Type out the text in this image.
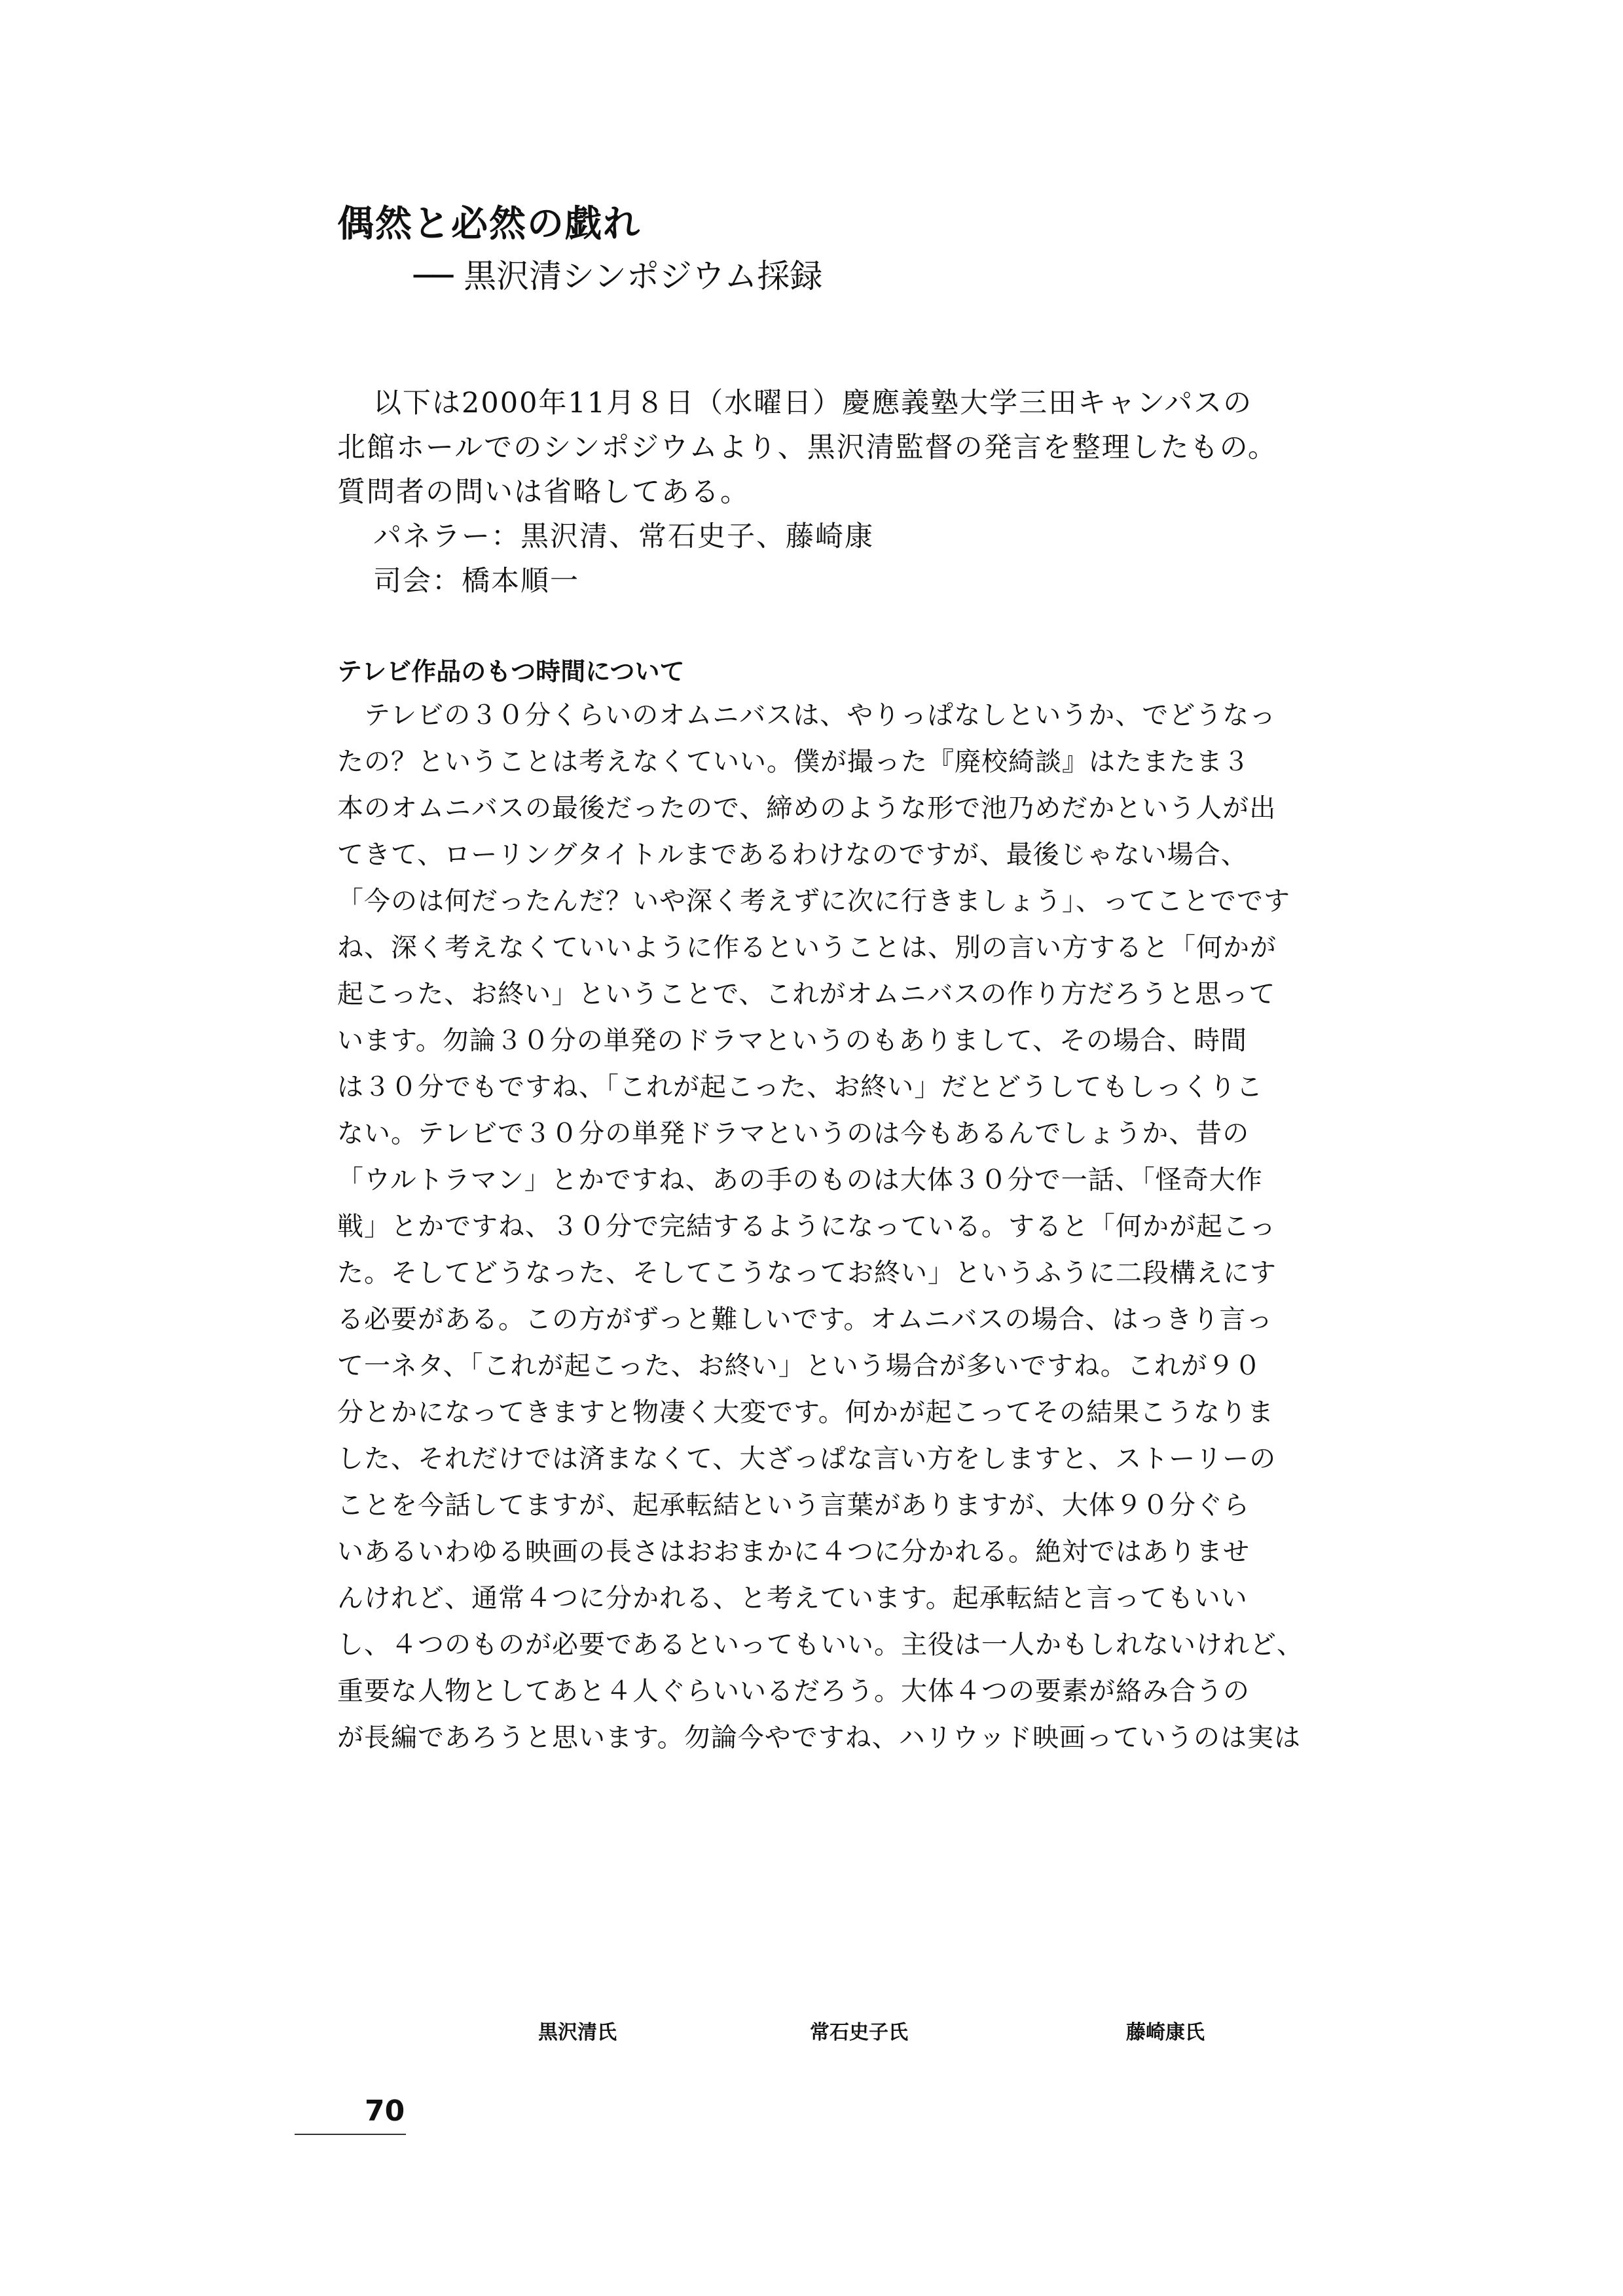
偶然と必然の戯れ
── 黒沢清シンポジウム採録

以下は2000年11月８日（水曜日）慶應義塾大学三田キャンパスの

北館ホールでのシンポジウムより、黒沢清監督の発言を整理したもの。

質問者の問いは省略してある。

パネラー：黒沢清、常石史子、藤崎康

司会：橋本順一

テレビ作品のもつ時間について
　テレビの３０分くらいのオムニバスは、やりっぱなしというか、でどうなっ
たの？ということは考えなくていい。僕が撮った『廃校綺談』はたまたま３
本のオムニバスの最後だったので、締めのような形で池乃めだかという人が出
てきて、ローリングタイトルまであるわけなのですが、最後じゃない場合、
「今のは何だったんだ？いや深く考えずに次に行きましょう」、ってことでです
ね、深く考えなくていいように作るということは、別の言い方すると「何かが
起こった、お終い」ということで、これがオムニバスの作り方だろうと思って
います。勿論３０分の単発のドラマというのもありまして、その場合、時間
は３０分でもですね、「これが起こった、お終い」だとどうしてもしっくりこ
ない。テレビで３０分の単発ドラマというのは今もあるんでしょうか、昔の
「ウルトラマン」とかですね、あの手のものは大体３０分で一話、「怪奇大作
戦」とかですね、３０分で完結するようになっている。すると「何かが起こっ
た。そしてどうなった、そしてこうなってお終い」というふうに二段構えにす
る必要がある。この方がずっと難しいです。オムニバスの場合、はっきり言っ
て一ネタ、「これが起こった、お終い」という場合が多いですね。これが９０
分とかになってきますと物凄く大変です。何かが起こってその結果こうなりま
した、それだけでは済まなくて、大ざっぱな言い方をしますと、ストーリーの
ことを今話してますが、起承転結という言葉がありますが、大体９０分ぐら
いあるいわゆる映画の長さはおおまかに４つに分かれる。絶対ではありませ
んけれど、通常４つに分かれる、と考えています。起承転結と言ってもいい
し、４つのものが必要であるといってもいい。主役は一人かもしれないけれど、
重要な人物としてあと４人ぐらいいるだろう。大体４つの要素が絡み合うの
が長編であろうと思います。勿論今やですね、ハリウッド映画っていうのは実は
黒沢清氏	常石史子氏	藤崎康氏
70
